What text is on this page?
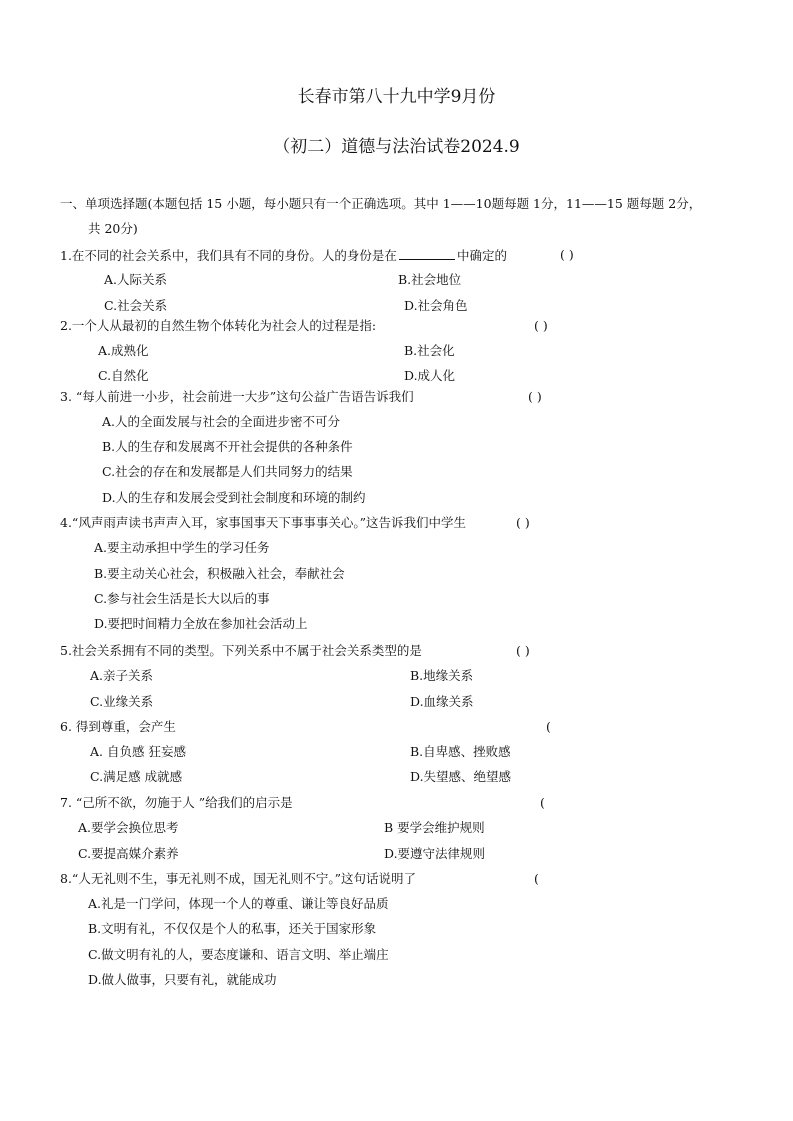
长春市第八十九中学9月份
（初二）道德与法治试卷2024.9
一、单项选择题(本题包括 15 小题，每小题只有一个正确选项。其中 1——10题每题 1分，11——15 题每题 2分，
共 20分)
1.在不同的社会关系中，我们具有不同的身份。人的身份是在	中确定的	( )
A.人际关系	B.社会地位
C.社会关系	D.社会角色
2.一个人从最初的自然生物个体转化为社会人的过程是指:	( )
A.成熟化	B.社会化
C.自然化	D.成人化
3. “每人前进一小步，社会前进一大步”这句公益广告语告诉我们	( )
A.人的全面发展与社会的全面进步密不可分
B.人的生存和发展离不开社会提供的各种条件
C.社会的存在和发展都是人们共同努力的结果
D.人的生存和发展会受到社会制度和环境的制约
4.“风声雨声读书声声入耳，家事国事天下事事事关心。”这告诉我们中学生	( )
A.要主动承担中学生的学习任务
B.要主动关心社会，积极融入社会，奉献社会
C.参与社会生活是长大以后的事
D.要把时间精力全放在参加社会活动上
5.社会关系拥有不同的类型。下列关系中不属于社会关系类型的是	( )
A.亲子关系	B.地缘关系
C.业缘关系	D.血缘关系
6. 得到尊重，会产生	(
A. 自负感 狂妄感	B.自卑感、挫败感
C.满足感 成就感	D.失望感、绝望感
7. “己所不欲，勿施于人 ”给我们的启示是	(
A.要学会换位思考	B 要学会维护规则
C.要提高媒介素养	D.要遵守法律规则
8.“人无礼则不生，事无礼则不成，国无礼则不宁。”这句话说明了	(
A.礼是一门学问，体现一个人的尊重、谦让等良好品质
B.文明有礼，不仅仅是个人的私事，还关于国家形象
C.做文明有礼的人，要态度谦和、语言文明、举止端庄
D.做人做事，只要有礼，就能成功
